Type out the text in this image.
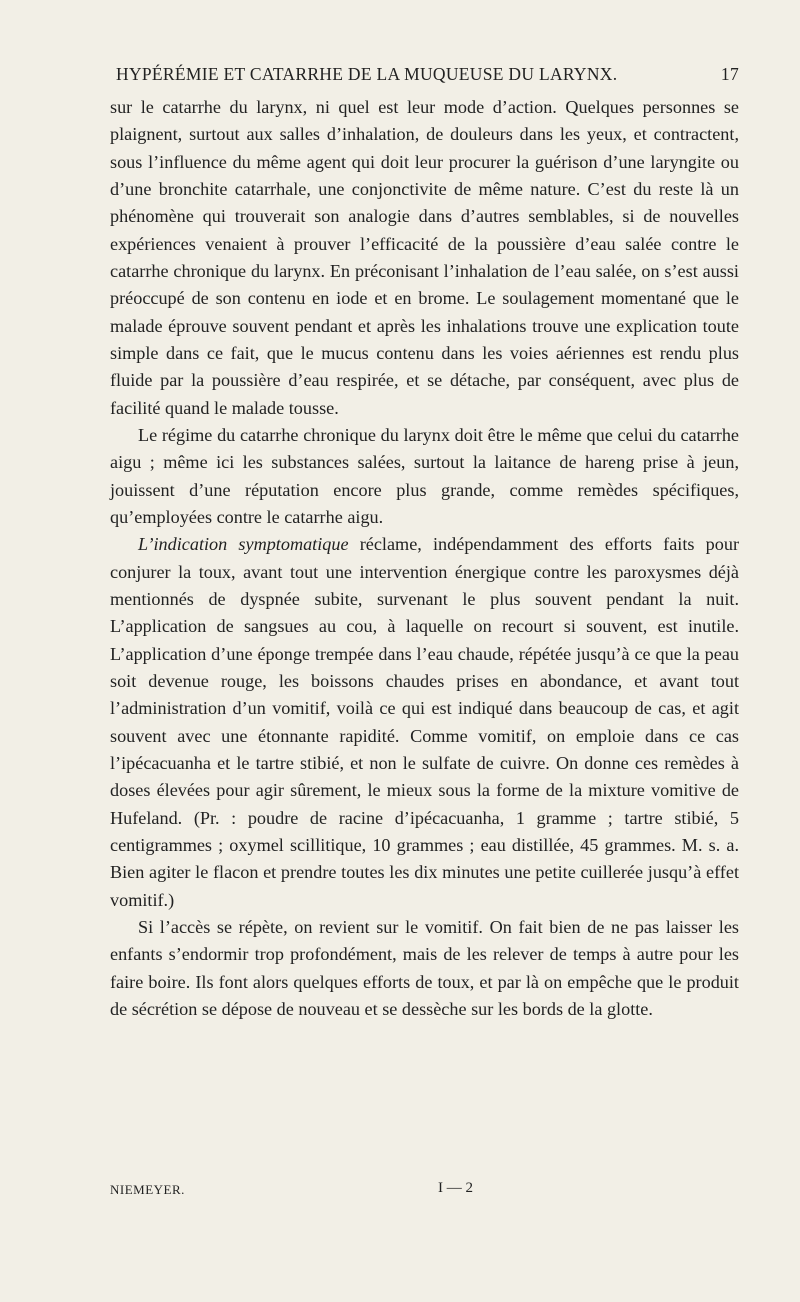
HYPÉRÉMIE ET CATARRHE DE LA MUQUEUSE DU LARYNX.	17

sur le catarrhe du larynx, ni quel est leur mode d’action. Quelques personnes se plaignent, surtout aux salles d’inhalation, de douleurs dans les yeux, et contractent, sous l’influence du même agent qui doit leur procurer la guérison d’une laryngite ou d’une bronchite catarrhale, une conjonctivite de même nature. C’est du reste là un phénomène qui trouverait son analogie dans d’autres semblables, si de nouvelles expériences venaient à prouver l’efficacité de la poussière d’eau salée contre le catarrhe chronique du larynx. En préconisant l’inhalation de l’eau salée, on s’est aussi préoccupé de son contenu en iode et en brome. Le soulagement momentané que le malade éprouve souvent pendant et après les inhalations trouve une explication toute simple dans ce fait, que le mucus contenu dans les voies aériennes est rendu plus fluide par la poussière d’eau respirée, et se détache, par conséquent, avec plus de facilité quand le malade tousse.

Le régime du catarrhe chronique du larynx doit être le même que celui du catarrhe aigu ; même ici les substances salées, surtout la laitance de hareng prise à jeun, jouissent d’une réputation encore plus grande, comme remèdes spécifiques, qu’employées contre le catarrhe aigu.

L’indication symptomatique réclame, indépendamment des efforts faits pour conjurer la toux, avant tout une intervention énergique contre les paroxysmes déjà mentionnés de dyspnée subite, survenant le plus souvent pendant la nuit. L’application de sangsues au cou, à laquelle on recourt si souvent, est inutile. L’application d’une éponge trempée dans l’eau chaude, répétée jusqu’à ce que la peau soit devenue rouge, les boissons chaudes prises en abondance, et avant tout l’administration d’un vomitif, voilà ce qui est indiqué dans beaucoup de cas, et agit souvent avec une étonnante rapidité. Comme vomitif, on emploie dans ce cas l’ipécacuanha et le tartre stibié, et non le sulfate de cuivre. On donne ces remèdes à doses élevées pour agir sûrement, le mieux sous la forme de la mixture vomitive de Hufeland. (Pr. : poudre de racine d’ipécacuanha, 1 gramme ; tartre stibié, 5 centigrammes ; oxymel scillitique, 10 grammes ; eau distillée, 45 grammes. M. s. a. Bien agiter le flacon et prendre toutes les dix minutes une petite cuillerée jusqu’à effet vomitif.)

Si l’accès se répète, on revient sur le vomitif. On fait bien de ne pas laisser les enfants s’endormir trop profondément, mais de les relever de temps à autre pour les faire boire. Ils font alors quelques efforts de toux, et par là on empêche que le produit de sécrétion se dépose de nouveau et se dessèche sur les bords de la glotte.

NIEMEYER.	I — 2
